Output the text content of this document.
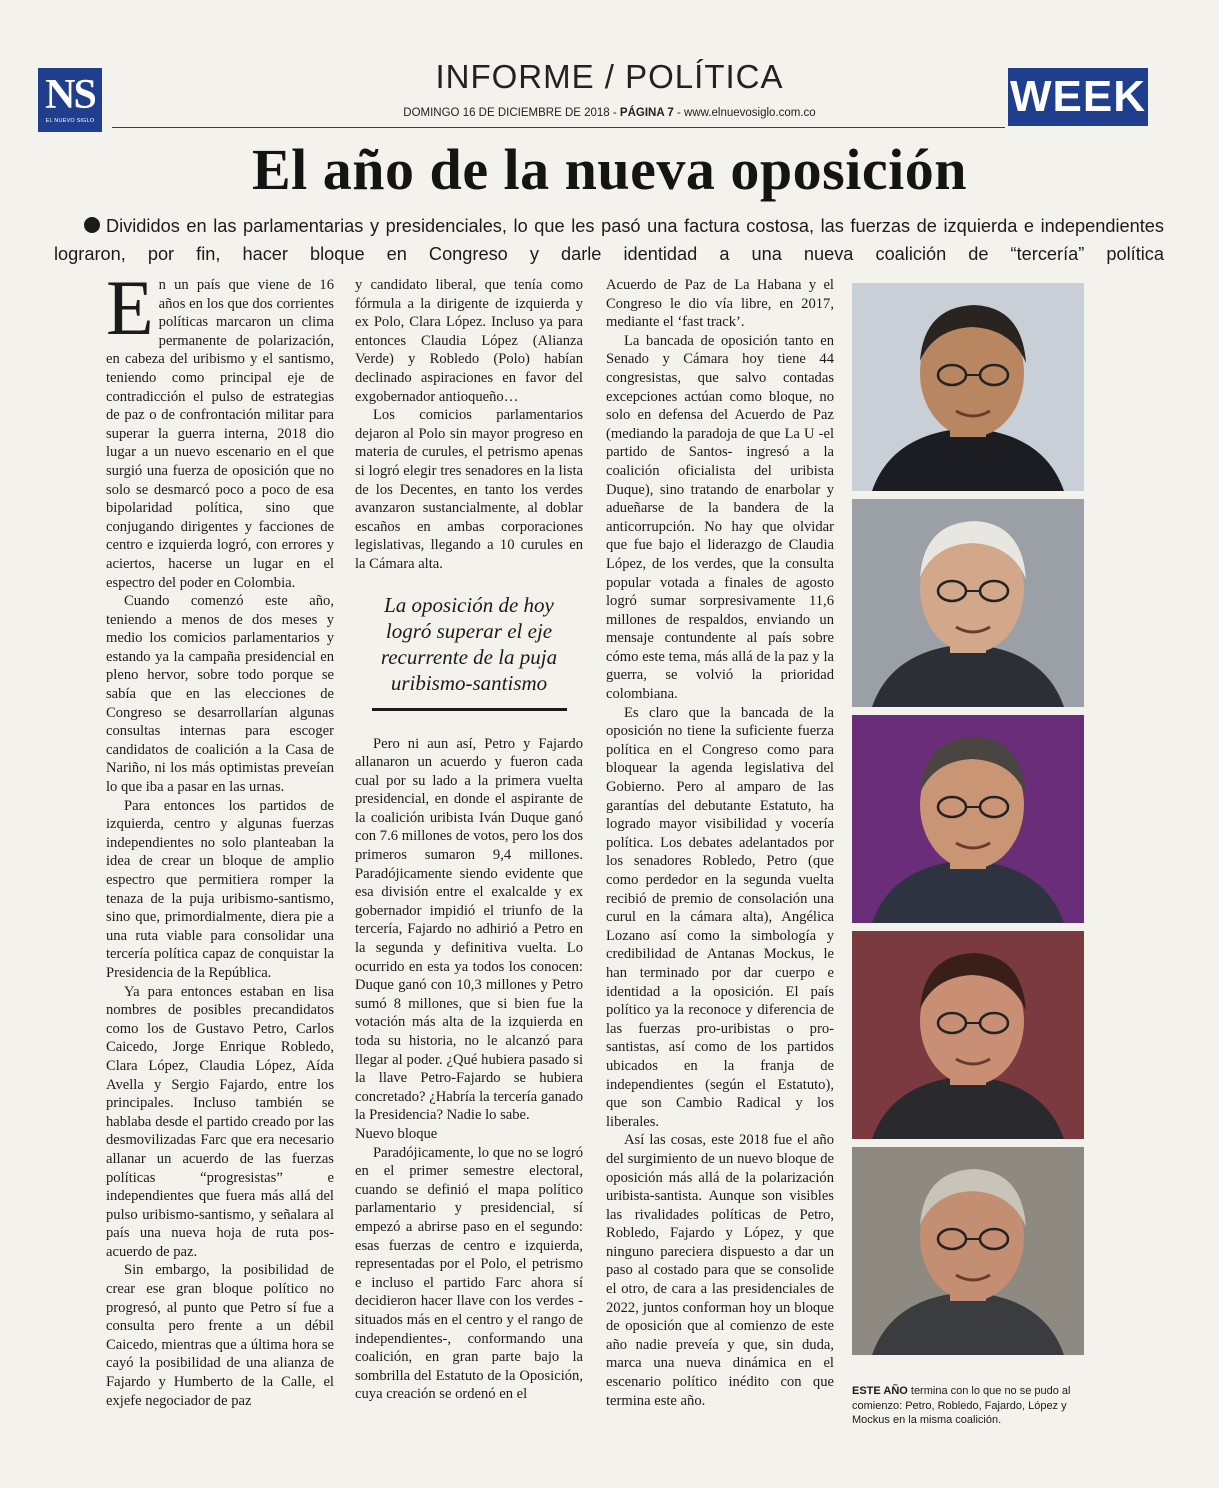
NS
EL NUEVO SIGLO
INFORME / POLÍTICA
DOMINGO 16 DE DICIEMBRE DE 2018 - PÁGINA 7 - www.elnuevosiglo.com.co	WEEK
El año de la nueva oposición
Divididos en las parlamentarias y presidenciales, lo que les pasó una factura costosa, las fuerzas de izquierda e independientes lograron, por fin, hacer bloque en Congreso y darle identidad a una nueva coalición de “tercería” política

En un país que viene de 16 años en los que dos corrientes políticas marcaron un clima permanente de polarización, en cabeza del uribismo y el santismo, teniendo como principal eje de contradicción el pulso de estrategias de paz o de confrontación militar para superar la guerra interna, 2018 dio lugar a un nuevo escenario en el que surgió una fuerza de oposición que no solo se desmarcó poco a poco de esa bipolaridad política, sino que conjugando dirigentes y facciones de centro e izquierda logró, con errores y aciertos, hacerse un lugar en el espectro del poder en Colombia.

Cuando comenzó este año, teniendo a menos de dos meses y medio los comicios parlamentarios y estando ya la campaña presidencial en pleno hervor, sobre todo porque se sabía que en las elecciones de Congreso se desarrollarían algunas consultas internas para escoger candidatos de coalición a la Casa de Nariño, ni los más optimistas preveían lo que iba a pasar en las urnas.

Para entonces los partidos de izquierda, centro y algunas fuerzas independientes no solo planteaban la idea de crear un bloque de amplio espectro que permitiera romper la tenaza de la puja uribismo-santismo, sino que, primordialmente, diera pie a una ruta viable para consolidar una tercería política capaz de conquistar la Presidencia de la República.

Ya para entonces estaban en lisa nombres de posibles precandidatos como los de Gustavo Petro, Carlos Caicedo, Jorge Enrique Robledo, Clara López, Claudia López, Aída Avella y Sergio Fajardo, entre los principales. Incluso también se hablaba desde el partido creado por las desmovilizadas Farc que era necesario allanar un acuerdo de las fuerzas políticas “progresistas” e independientes que fuera más allá del pulso uribismo-santismo, y señalara al país una nueva hoja de ruta pos-acuerdo de paz.

Sin embargo, la posibilidad de crear ese gran bloque político no progresó, al punto que Petro sí fue a consulta pero frente a un débil Caicedo, mientras que a última hora se cayó la posibilidad de una alianza de Fajardo y Humberto de la Calle, el exjefe negociador de paz

y candidato liberal, que tenía como fórmula a la dirigente de izquierda y ex Polo, Clara López. Incluso ya para entonces Claudia López (Alianza Verde) y Robledo (Polo) habían declinado aspiraciones en favor del exgobernador antioqueño…

Los comicios parlamentarios dejaron al Polo sin mayor progreso en materia de curules, el petrismo apenas si logró elegir tres senadores en la lista de los Decentes, en tanto los verdes avanzaron sustancialmente, al doblar escaños en ambas corporaciones legislativas, llegando a 10 curules en la Cámara alta.

La oposición de hoy logró superar el eje recurrente de la puja uribismo-santismo

Pero ni aun así, Petro y Fajardo allanaron un acuerdo y fueron cada cual por su lado a la primera vuelta presidencial, en donde el aspirante de la coalición uribista Iván Duque ganó con 7.6 millones de votos, pero los dos primeros sumaron 9,4 millones. Paradójicamente siendo evidente que esa división entre el exalcalde y ex gobernador impidió el triunfo de la tercería, Fajardo no adhirió a Petro en la segunda y definitiva vuelta. Lo ocurrido en esta ya todos los conocen: Duque ganó con 10,3 millones y Petro sumó 8 millones, que si bien fue la votación más alta de la izquierda en toda su historia, no le alcanzó para llegar al poder. ¿Qué hubiera pasado si la llave Petro-Fajardo se hubiera concretado? ¿Habría la tercería ganado la Presidencia? Nadie lo sabe.

Nuevo bloque

Paradójicamente, lo que no se logró en el primer semestre electoral, cuando se definió el mapa político parlamentario y presidencial, sí empezó a abrirse paso en el segundo: esas fuerzas de centro e izquierda, representadas por el Polo, el petrismo e incluso el partido Farc ahora sí decidieron hacer llave con los verdes -situados más en el centro y el rango de independientes-, conformando una coalición, en gran parte bajo la sombrilla del Estatuto de la Oposición, cuya creación se ordenó en el

Acuerdo de Paz de La Habana y el Congreso le dio vía libre, en 2017, mediante el ‘fast track’.

La bancada de oposición tanto en Senado y Cámara hoy tiene 44 congresistas, que salvo contadas excepciones actúan como bloque, no solo en defensa del Acuerdo de Paz (mediando la paradoja de que La U -el partido de Santos- ingresó a la coalición oficialista del uribista Duque), sino tratando de enarbolar y adueñarse de la bandera de la anticorrupción. No hay que olvidar que fue bajo el liderazgo de Claudia López, de los verdes, que la consulta popular votada a finales de agosto logró sumar sorpresivamente 11,6 millones de respaldos, enviando un mensaje contundente al país sobre cómo este tema, más allá de la paz y la guerra, se volvió la prioridad colombiana.

Es claro que la bancada de la oposición no tiene la suficiente fuerza política en el Congreso como para bloquear la agenda legislativa del Gobierno. Pero al amparo de las garantías del debutante Estatuto, ha logrado mayor visibilidad y vocería política. Los debates adelantados por los senadores Robledo, Petro (que como perdedor en la segunda vuelta recibió de premio de consolación una curul en la cámara alta), Angélica Lozano así como la simbología y credibilidad de Antanas Mockus, le han terminado por dar cuerpo e identidad a la oposición. El país político ya la reconoce y diferencia de las fuerzas pro-uribistas o pro-santistas, así como de los partidos ubicados en la franja de independientes (según el Estatuto), que son Cambio Radical y los liberales.

Así las cosas, este 2018 fue el año del surgimiento de un nuevo bloque de oposición más allá de la polarización uribista-santista. Aunque son visibles las rivalidades políticas de Petro, Robledo, Fajardo y López, y que ninguno pareciera dispuesto a dar un paso al costado para que se consolide el otro, de cara a las presidenciales de 2022, juntos conforman hoy un bloque de oposición que al comienzo de este año nadie preveía y que, sin duda, marca una nueva dinámica en el escenario político inédito con que termina este año.

ESTE AÑO termina con lo que no se pudo al comienzo: Petro, Robledo, Fajardo, López y Mockus en la misma coalición.
